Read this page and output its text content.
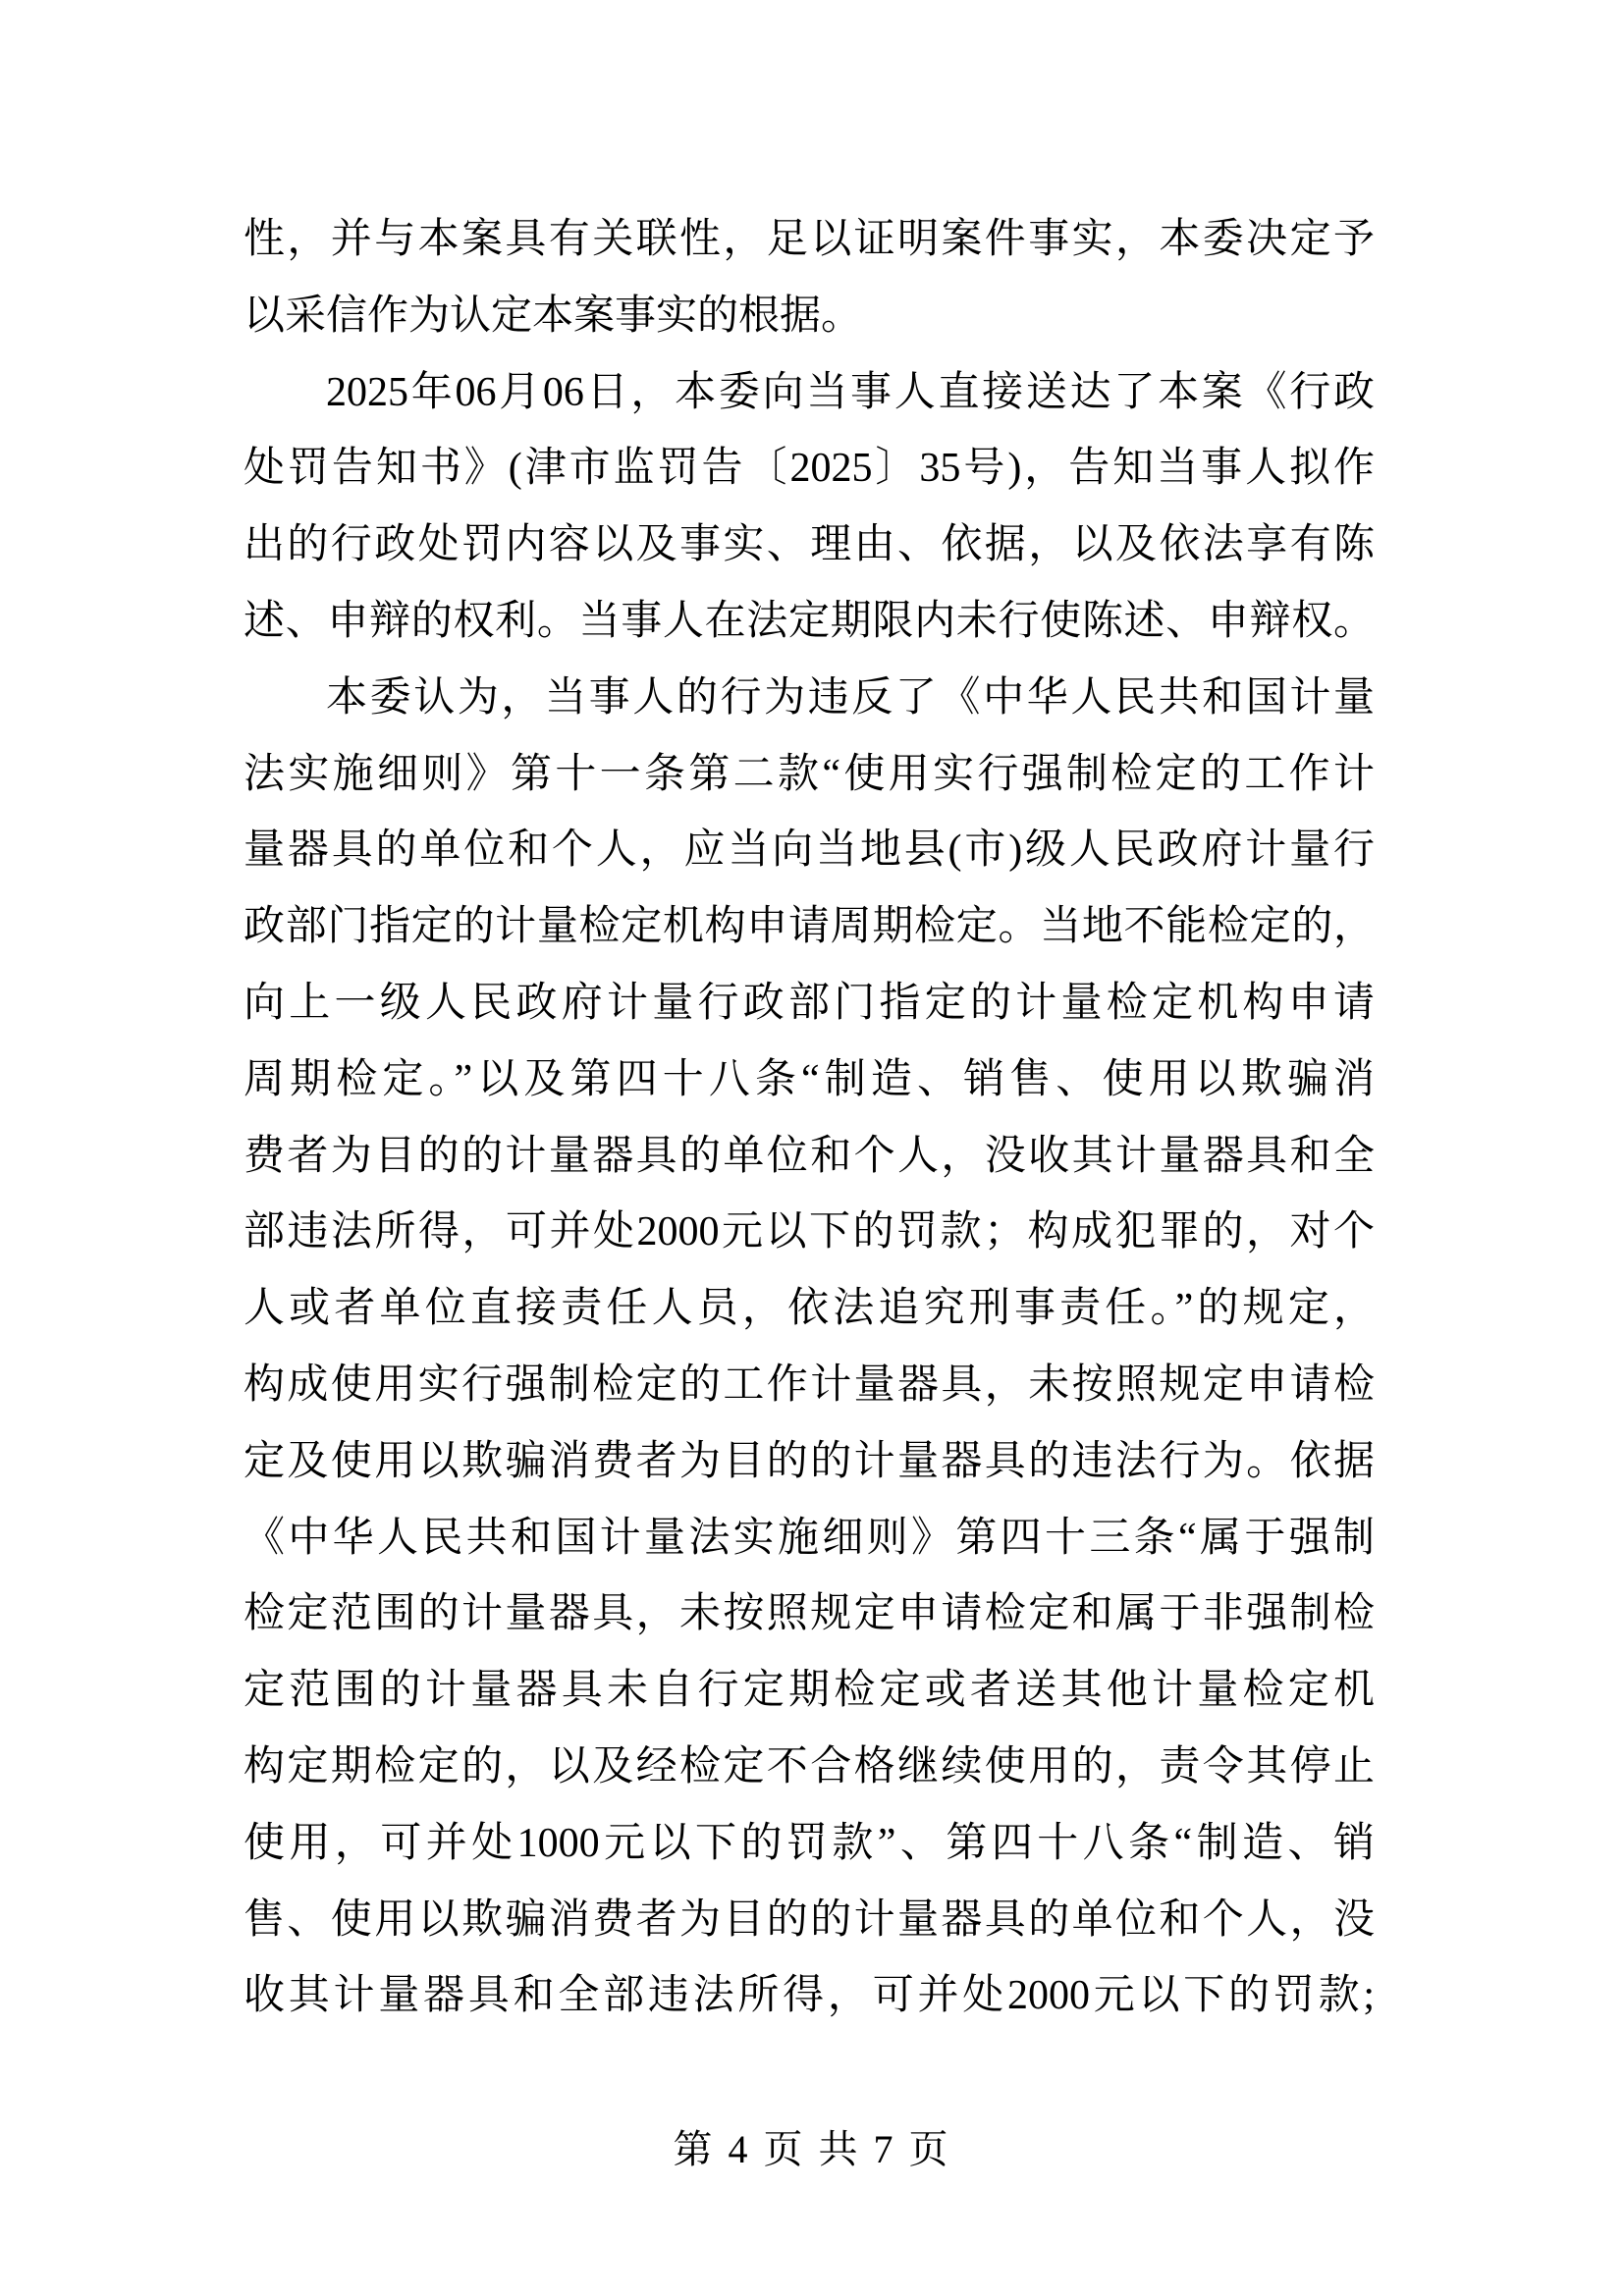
性，并与本案具有关联性，足以证明案件事实，本委决定予
以采信作为认定本案事实的根据。
2025年06月06日，本委向当事人直接送达了本案《行政
处罚告知书》(津市监罚告〔2025〕35号)，告知当事人拟作
出的行政处罚内容以及事实、理由、依据，以及依法享有陈
述、申辩的权利。当事人在法定期限内未行使陈述、申辩权。
本委认为，当事人的行为违反了《中华人民共和国计量
法实施细则》第十一条第二款“使用实行强制检定的工作计
量器具的单位和个人，应当向当地县(市)级人民政府计量行
政部门指定的计量检定机构申请周期检定。当地不能检定的，
向上一级人民政府计量行政部门指定的计量检定机构申请
周期检定。”以及第四十八条“制造、销售、使用以欺骗消
费者为目的的计量器具的单位和个人，没收其计量器具和全
部违法所得，可并处2000元以下的罚款；构成犯罪的，对个
人或者单位直接责任人员，依法追究刑事责任。”的规定，
构成使用实行强制检定的工作计量器具，未按照规定申请检
定及使用以欺骗消费者为目的的计量器具的违法行为。依据
《中华人民共和国计量法实施细则》第四十三条“属于强制
检定范围的计量器具，未按照规定申请检定和属于非强制检
定范围的计量器具未自行定期检定或者送其他计量检定机
构定期检定的，以及经检定不合格继续使用的，责令其停止
使用，可并处1000元以下的罚款”、第四十八条“制造、销
售、使用以欺骗消费者为目的的计量器具的单位和个人，没
收其计量器具和全部违法所得，可并处2000元以下的罚款;
第 4 页 共 7 页
